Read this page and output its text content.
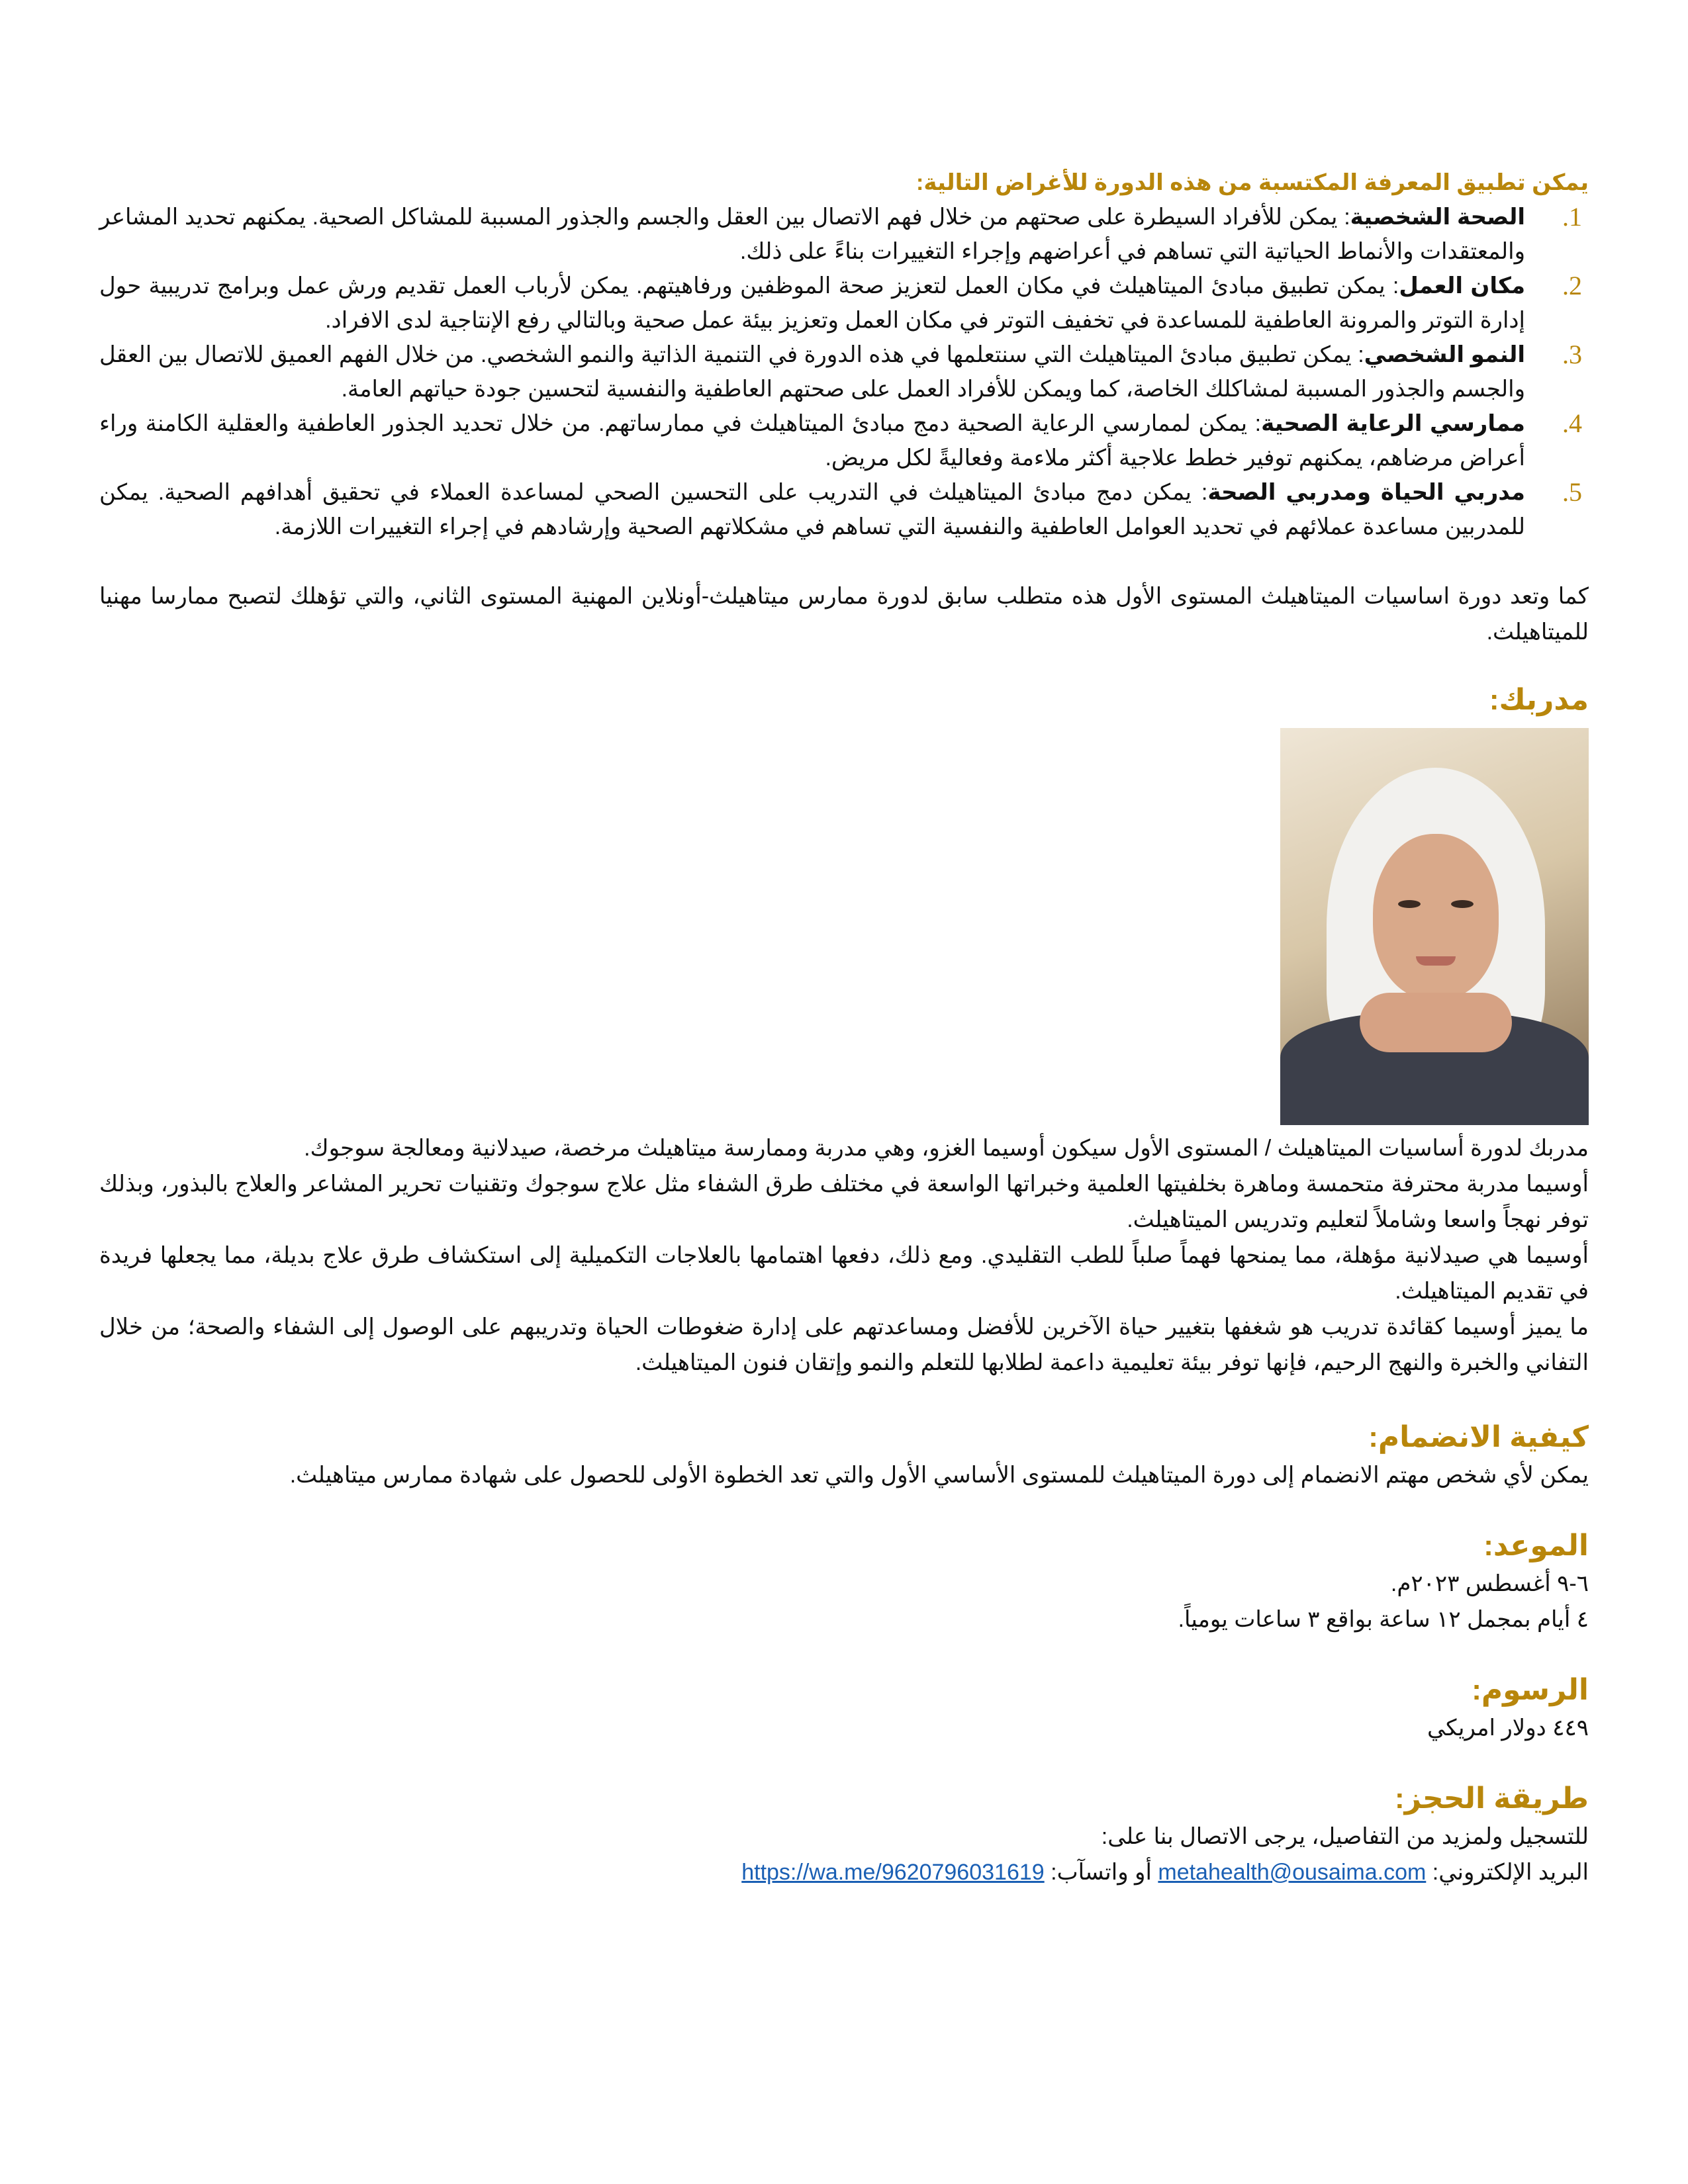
يمكن تطبيق المعرفة المكتسبة من هذه الدورة للأغراض التالية:

1.
الصحة الشخصية: يمكن للأفراد السيطرة على صحتهم من خلال فهم الاتصال بين العقل والجسم والجذور المسببة للمشاكل الصحية. يمكنهم تحديد المشاعر والمعتقدات والأنماط الحياتية التي تساهم في أعراضهم وإجراء التغييرات بناءً على ذلك.
2.
مكان العمل: يمكن تطبيق مبادئ الميتاهيلث في مكان العمل لتعزيز صحة الموظفين ورفاهيتهم. يمكن لأرباب العمل تقديم ورش عمل وبرامج تدريبية حول إدارة التوتر والمرونة العاطفية للمساعدة في تخفيف التوتر في مكان العمل وتعزيز بيئة عمل صحية وبالتالي رفع الإنتاجية لدى الافراد.
3.
النمو الشخصي: يمكن تطبيق مبادئ الميتاهيلث التي سنتعلمها في هذه الدورة في التنمية الذاتية والنمو الشخصي. من خلال الفهم العميق للاتصال بين العقل والجسم والجذور المسببة لمشاكلك الخاصة، كما ويمكن للأفراد العمل على صحتهم العاطفية والنفسية لتحسين جودة حياتهم العامة.
4.
ممارسي الرعاية الصحية: يمكن لممارسي الرعاية الصحية دمج مبادئ الميتاهيلث في ممارساتهم. من خلال تحديد الجذور العاطفية والعقلية الكامنة وراء أعراض مرضاهم، يمكنهم توفير خطط علاجية أكثر ملاءمة وفعاليةً لكل مريض.
5.
مدربي الحياة ومدربي الصحة: يمكن دمج مبادئ الميتاهيلث في التدريب على التحسين الصحي لمساعدة العملاء في تحقيق أهدافهم الصحية. يمكن للمدربين مساعدة عملائهم في تحديد العوامل العاطفية والنفسية التي تساهم في مشكلاتهم الصحية وإرشادهم في إجراء التغييرات اللازمة.

كما وتعد دورة اساسيات الميتاهيلث المستوى الأول هذه متطلب سابق لدورة ممارس ميتاهيلث-أونلاين المهنية المستوى الثاني، والتي تؤهلك لتصبح ممارسا مهنيا للميتاهيلث.

مدربك:

مدربك لدورة أساسيات الميتاهيلث / المستوى الأول سيكون أوسيما الغزو، وهي مدربة وممارسة ميتاهيلث مرخصة، صيدلانية ومعالجة سوجوك.

أوسيما مدربة محترفة متحمسة وماهرة بخلفيتها العلمية وخبراتها الواسعة في مختلف طرق الشفاء مثل علاج سوجوك وتقنيات تحرير المشاعر والعلاج بالبذور، وبذلك توفر نهجاً واسعا وشاملاً لتعليم وتدريس الميتاهيلث.

أوسيما هي صيدلانية مؤهلة، مما يمنحها فهماً صلباً للطب التقليدي. ومع ذلك، دفعها اهتمامها بالعلاجات التكميلية إلى استكشاف طرق علاج بديلة، مما يجعلها فريدة في تقديم الميتاهيلث.

ما يميز أوسيما كقائدة تدريب هو شغفها بتغيير حياة الآخرين للأفضل ومساعدتهم على إدارة ضغوطات الحياة وتدريبهم على الوصول إلى الشفاء والصحة؛ من خلال التفاني والخبرة والنهج الرحيم، فإنها توفر بيئة تعليمية داعمة لطلابها للتعلم والنمو وإتقان فنون الميتاهيلث.

كيفية الانضمام:

يمكن لأي شخص مهتم الانضمام إلى دورة الميتاهيلث للمستوى الأساسي الأول والتي تعد الخطوة الأولى للحصول على شهادة ممارس ميتاهيلث.

الموعد:

٦-٩ أغسطس ٢٠٢٣م.

٤ أيام بمجمل ١٢ ساعة بواقع ٣ ساعات يومياً.

الرسوم:

٤٤٩ دولار امريكي

طريقة الحجز:

للتسجيل ولمزيد من التفاصيل، يرجى الاتصال بنا على:

البريد الإلكتروني: metahealth@ousaima.com أو واتسآب: https://wa.me/9620796031619
